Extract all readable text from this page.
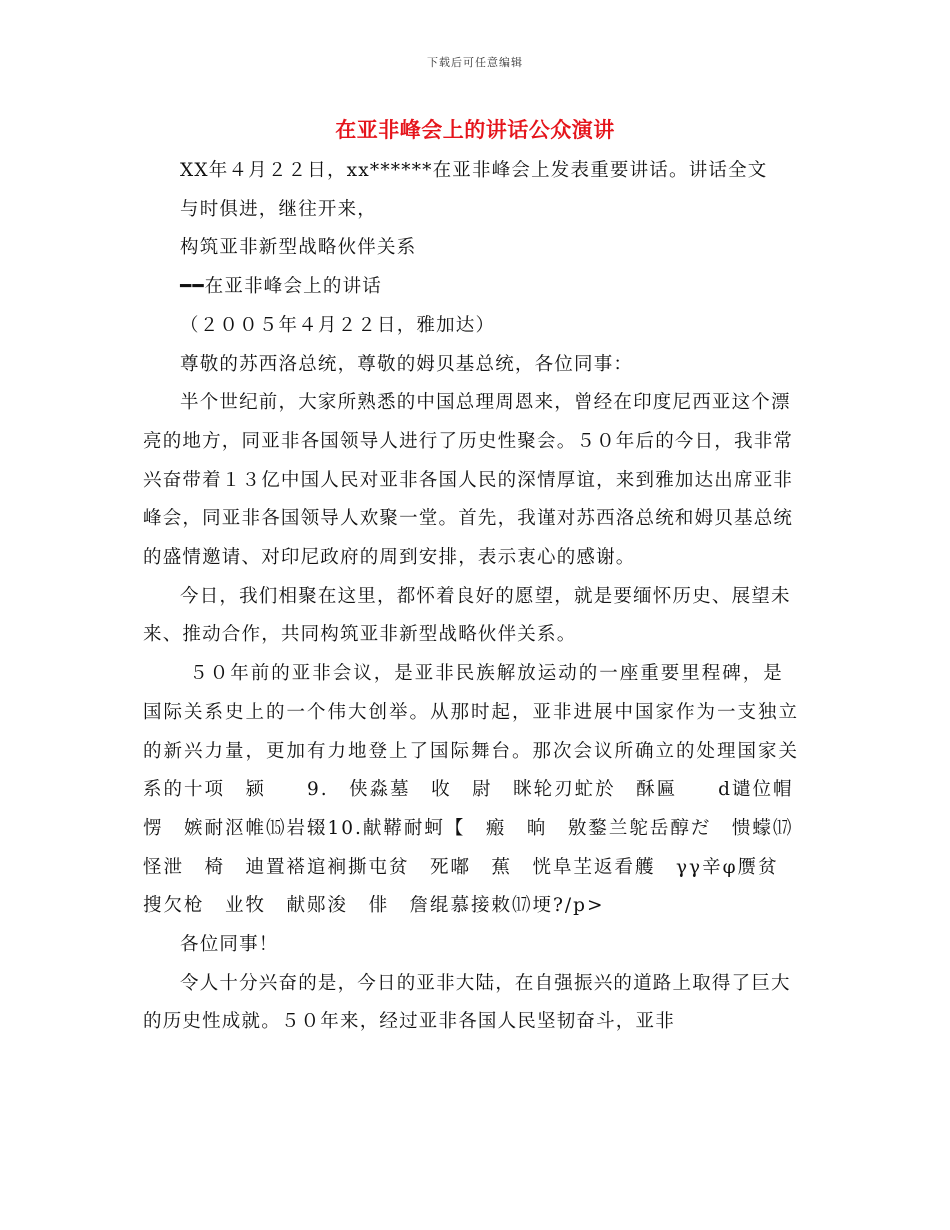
下载后可任意编辑
在亚非峰会上的讲话公众演讲

XX年４月２２日，xx******在亚非峰会上发表重要讲话。讲话全文

与时俱进，继往开来，

构筑亚非新型战略伙伴关系

━━在亚非峰会上的讲话

（２００５年４月２２日，雅加达）

尊敬的苏西洛总统，尊敬的姆贝基总统，各位同事：

半个世纪前，大家所熟悉的中国总理周恩来，曾经在印度尼西亚这个漂亮的地方，同亚非各国领导人进行了历史性聚会。５０年后的今日，我非常兴奋带着１３亿中国人民对亚非各国人民的深情厚谊，来到雅加达出席亚非峰会，同亚非各国领导人欢聚一堂。首先，我谨对苏西洛总统和姆贝基总统的盛情邀请、对印尼政府的周到安排，表示衷心的感谢。

今日，我们相聚在这里，都怀着良好的愿望，就是要缅怀历史、展望未来、推动合作，共同构筑亚非新型战略伙伴关系。

５０年前的亚非会议，是亚非民族解放运动的一座重要里程碑，是国际关系史上的一个伟大创举。从那时起，亚非进展中国家作为一支独立的新兴力量，更加有力地登上了国际舞台。那次会议所确立的处理国家关系的十项　颍　　9.　侠淼墓　收　尉　眯轮刃虻於　酥匾　　d谴位帽愣　嫉耐沤帷⒂岩辍10.献鞯耐蚵【　瘢　晌　敫鍪兰鸵岳醇だ　愦蠓⒄怪泄　椅　迪置褡逭裥撕屯贫　死嘟　蕉　恍阜芏返看艧　γγ辛φ赝贫　搜欠枪　业牧　献郧浚　俳　詹绲慕接敕⒄埂?/p>

各位同事！

令人十分兴奋的是，今日的亚非大陆，在自强振兴的道路上取得了巨大的历史性成就。５０年来，经过亚非各国人民坚韧奋斗，亚非
